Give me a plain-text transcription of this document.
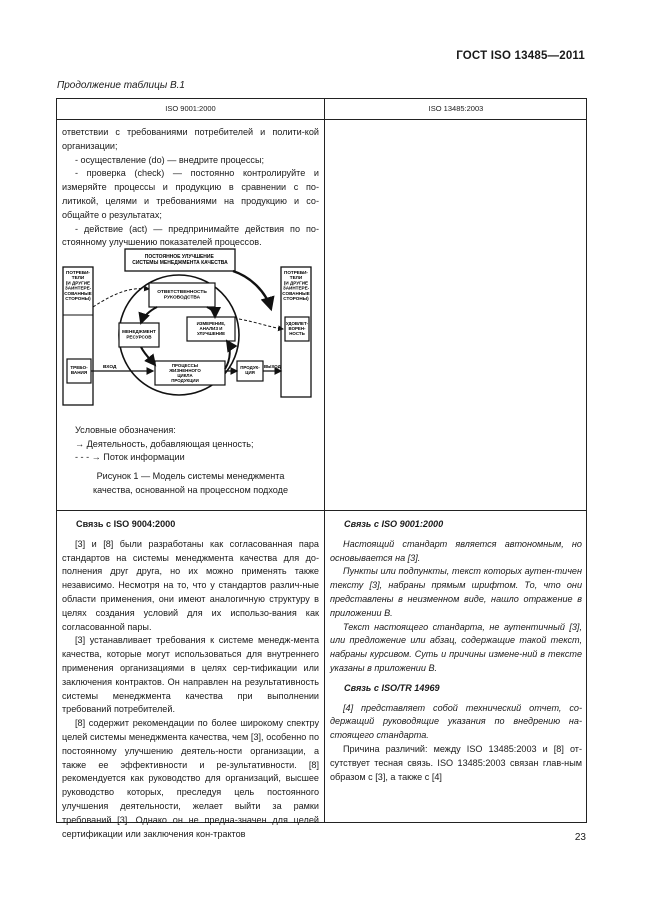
ГОСТ ISO 13485—2011
Продолжение таблицы В.1
ISO 9001:2000	ISO 13485:2003

ответствии с требованиями потребителей и полити-кой организации;

- осуществление (do) — внедрите процессы;

- проверка (check) — постоянно контролируйте и измеряйте процессы и продукцию в сравнении с по-литикой, целями и требованиями на продукцию и со-общайте о результатах;

- действие (act) — предпринимайте действия по по-стоянному улучшению показателей процессов.

ПОСТОЯННОЕ УЛУЧШЕНИЕ СИСТЕМЫ МЕНЕДЖМЕНТА КАЧЕСТВА
ПОТРЕБИ-ТЕЛИ (И ДРУГИЕ ЗАИНТЕРЕ-СОВАННЫЕ СТОРОНЫ)
ТРЕБО-ВАНИЯ
ПОТРЕБИ-ТЕЛИ (И ДРУГИЕ ЗАИНТЕРЕ-СОВАННЫЕ СТОРОНЫ)
УДОВЛЕТ-ВОРЕН-НОСТЬ
ОТВЕТСТВЕННОСТЬ РУКОВОДСТВА
МЕНЕДЖМЕНТ РЕСУРСОВ
ИЗМЕРЕНИЕ, АНАЛИЗ И УЛУЧШЕНИЕ
ПРОЦЕССЫ ЖИЗНЕННОГО ЦИКЛА ПРОДУКЦИИ
ПРОДУК-ЦИЯ
ВХОД	ВЫХОД
Условные обозначения:
→ Деятельность, добавляющая ценность;
- - - → Поток информации
Рисунок 1 — Модель системы менеджмента
качества, основанной на процессном подходе

Связь с ISO 9004:2000

[3] и [8] были разработаны как согласованная пара стандартов на системы менеджмента качества для до-полнения друг друга, но их можно применять также независимо. Несмотря на то, что у стандартов различ-ные области применения, они имеют аналогичную структуру в целях создания условий для их использо-вания как согласованной пары.

[3] устанавливает требования к системе менедж-мента качества, которые могут использоваться для внутреннего применения организациями в целях сер-тификации или заключения контрактов. Он направлен на результативность системы менеджмента качества при выполнении требований потребителей.

[8] содержит рекомендации по более широкому спектру целей системы менеджмента качества, чем [3], особенно по постоянному улучшению деятель-ности организации, а также ее эффективности и ре-зультативности. [8] рекомендуется как руководство для организаций, высшее руководство которых, преследуя цель постоянного улучшения деятельности, желает выйти за рамки требований [3]. Однако он не предна-значен для целей сертификации или заключения кон-трактов

Связь с ISO 9001:2000

Настоящий стандарт является автономным, но основывается на [3].

Пункты или подпункты, текст которых аутен-тичен тексту [3], набраны прямым шрифтом. То, что они представлены в неизменном виде, нашло отражение в приложении В.

Текст настоящего стандарта, не аутентичный [3], или предложение или абзац, содержащие такой текст, набраны курсивом. Суть и причины измене-ний в тексте указаны в приложении В.

Связь с ISO/TR 14969

[4] представляет собой технический отчет, со-держащий руководящие указания по внедрению на-стоящего стандарта.

Причина различий: между ISO 13485:2003 и [8] от-сутствует тесная связь. ISO 13485:2003 связан глав-ным образом с [3], а также с [4]

23
